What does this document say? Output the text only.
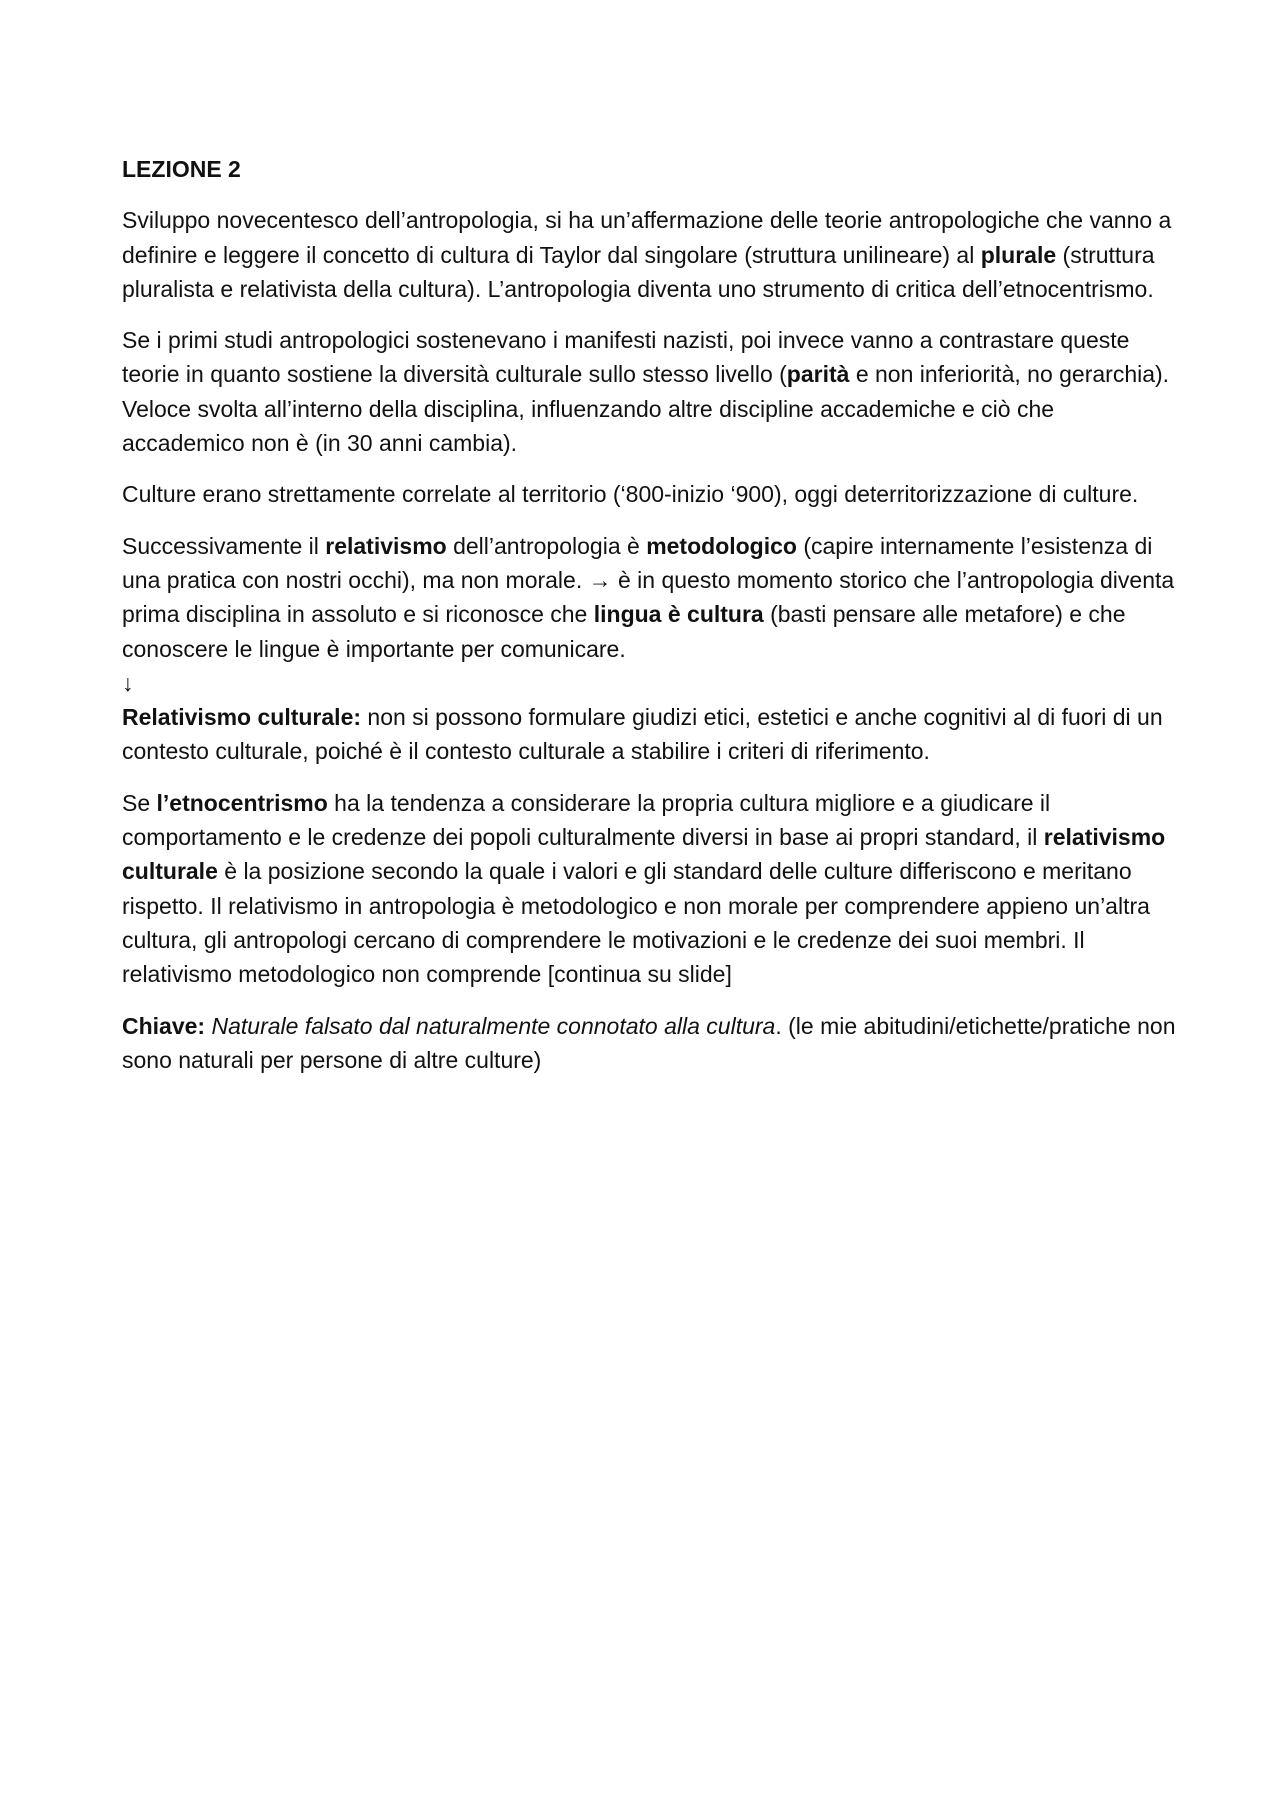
LEZIONE 2

Sviluppo novecentesco dell’antropologia, si ha un’affermazione delle teorie antropologiche che vanno a definire e leggere il concetto di cultura di Taylor dal singolare (struttura unilineare) al plurale (struttura pluralista e relativista della cultura). L’antropologia diventa uno strumento di critica dell’etnocentrismo.

Se i primi studi antropologici sostenevano i manifesti nazisti, poi invece vanno a contrastare queste teorie in quanto sostiene la diversità culturale sullo stesso livello (parità e non inferiorità, no gerarchia). Veloce svolta all’interno della disciplina, influenzando altre discipline accademiche e ciò che accademico non è (in 30 anni cambia).

Culture erano strettamente correlate al territorio (‘800-inizio ‘900), oggi deterritorizzazione di culture.

Successivamente il relativismo dell’antropologia è metodologico (capire internamente l’esistenza di una pratica con nostri occhi), ma non morale. → è in questo momento storico che l’antropologia diventa prima disciplina in assoluto e si riconosce che lingua è cultura (basti pensare alle metafore) e che conoscere le lingue è importante per comunicare.

↓

Relativismo culturale: non si possono formulare giudizi etici, estetici e anche cognitivi al di fuori di un contesto culturale, poiché è il contesto culturale a stabilire i criteri di riferimento.

Se l’etnocentrismo ha la tendenza a considerare la propria cultura migliore e a giudicare il comportamento e le credenze dei popoli culturalmente diversi in base ai propri standard, il relativismo culturale è la posizione secondo la quale i valori e gli standard delle culture differiscono e meritano rispetto. Il relativismo in antropologia è metodologico e non morale per comprendere appieno un’altra cultura, gli antropologi cercano di comprendere le motivazioni e le credenze dei suoi membri. Il relativismo metodologico non comprende [continua su slide]

Chiave: Naturale falsato dal naturalmente connotato alla cultura. (le mie abitudini/etichette/pratiche non sono naturali per persone di altre culture)
